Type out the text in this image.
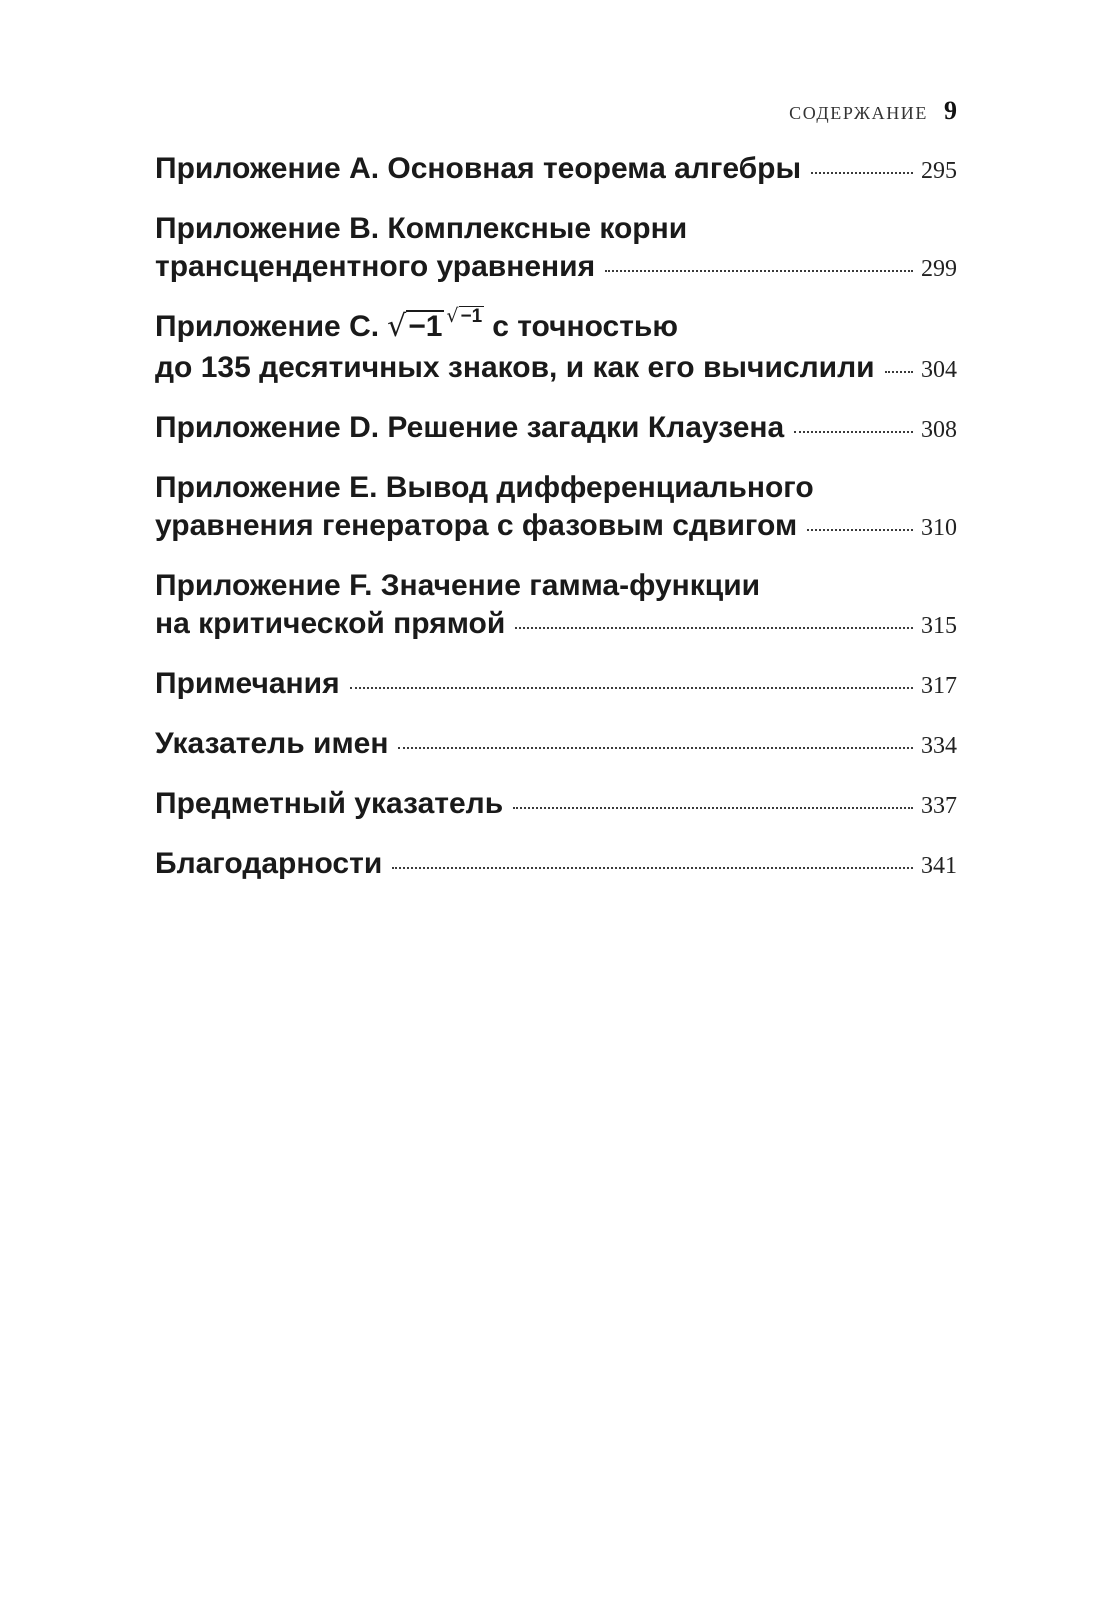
СОДЕРЖАНИЕ 9
Приложение A. Основная теорема алгебры	295
Приложение B. Комплексные корни
трансцендентного уравнения	299
Приложение C. √ −1 √ −1 с точностью
до 135 десятичных знаков, и как его вычислили 304
Приложение D. Решение загадки Клаузена	308
Приложение E. Вывод дифференциального
уравнения генератора с фазовым сдвигом	310
Приложение F. Значение гамма-функции
на критической прямой	315
Примечания	317
Указатель имен	334
Предметный указатель	337
Благодарности	341
